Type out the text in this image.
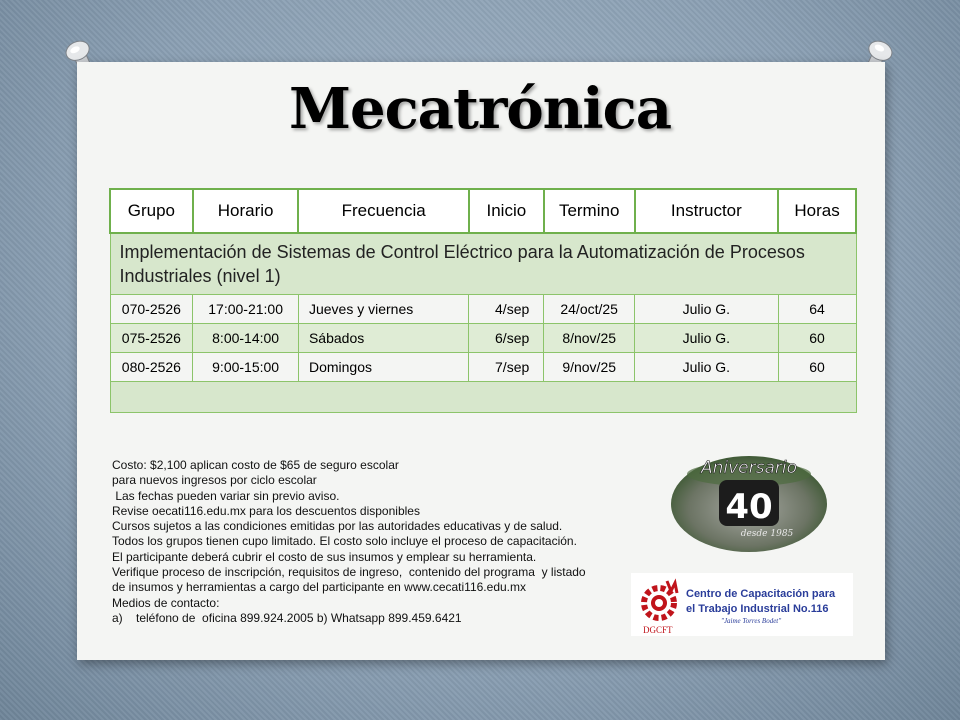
Mecatrónica
Grupo	Horario	Frecuencia	Inicio	Termino	Instructor	Horas
Implementación de Sistemas de Control Eléctrico para la Automatización de Procesos Industriales (nivel 1)						
070-2526	17:00-21:00	Jueves y viernes	4/sep	24/oct/25	Julio G.	64
075-2526	8:00-14:00	Sábados	6/sep	8/nov/25	Julio G.	60
080-2526	9:00-15:00	Domingos	7/sep	9/nov/25	Julio G.	60

Costo: $2,100 aplican costo de $65 de seguro escolar
para nuevos ingresos por ciclo escolar
Las fechas pueden variar sin previo aviso.
Revise oecati116.edu.mx para los descuentos disponibles
Cursos sujetos a las condiciones emitidas por las autoridades educativas y de salud.
Todos los grupos tienen cupo limitado. El costo solo incluye el proceso de capacitación.
El participante deberá cubrir el costo de sus insumos y emplear su herramienta.
Verifique proceso de inscripción, requisitos de ingreso,  contenido del programa  y listado
de insumos y herramientas a cargo del participante en www.cecati116.edu.mx
Medios de contacto:
a)    teléfono de  oficina 899.924.2005 b) Whatsapp 899.459.6421
Aniversario
40
desde 1985
Centro de Capacitación para
el Trabajo Industrial No.116
"Jaime Torres Bodet"
DGCFT
